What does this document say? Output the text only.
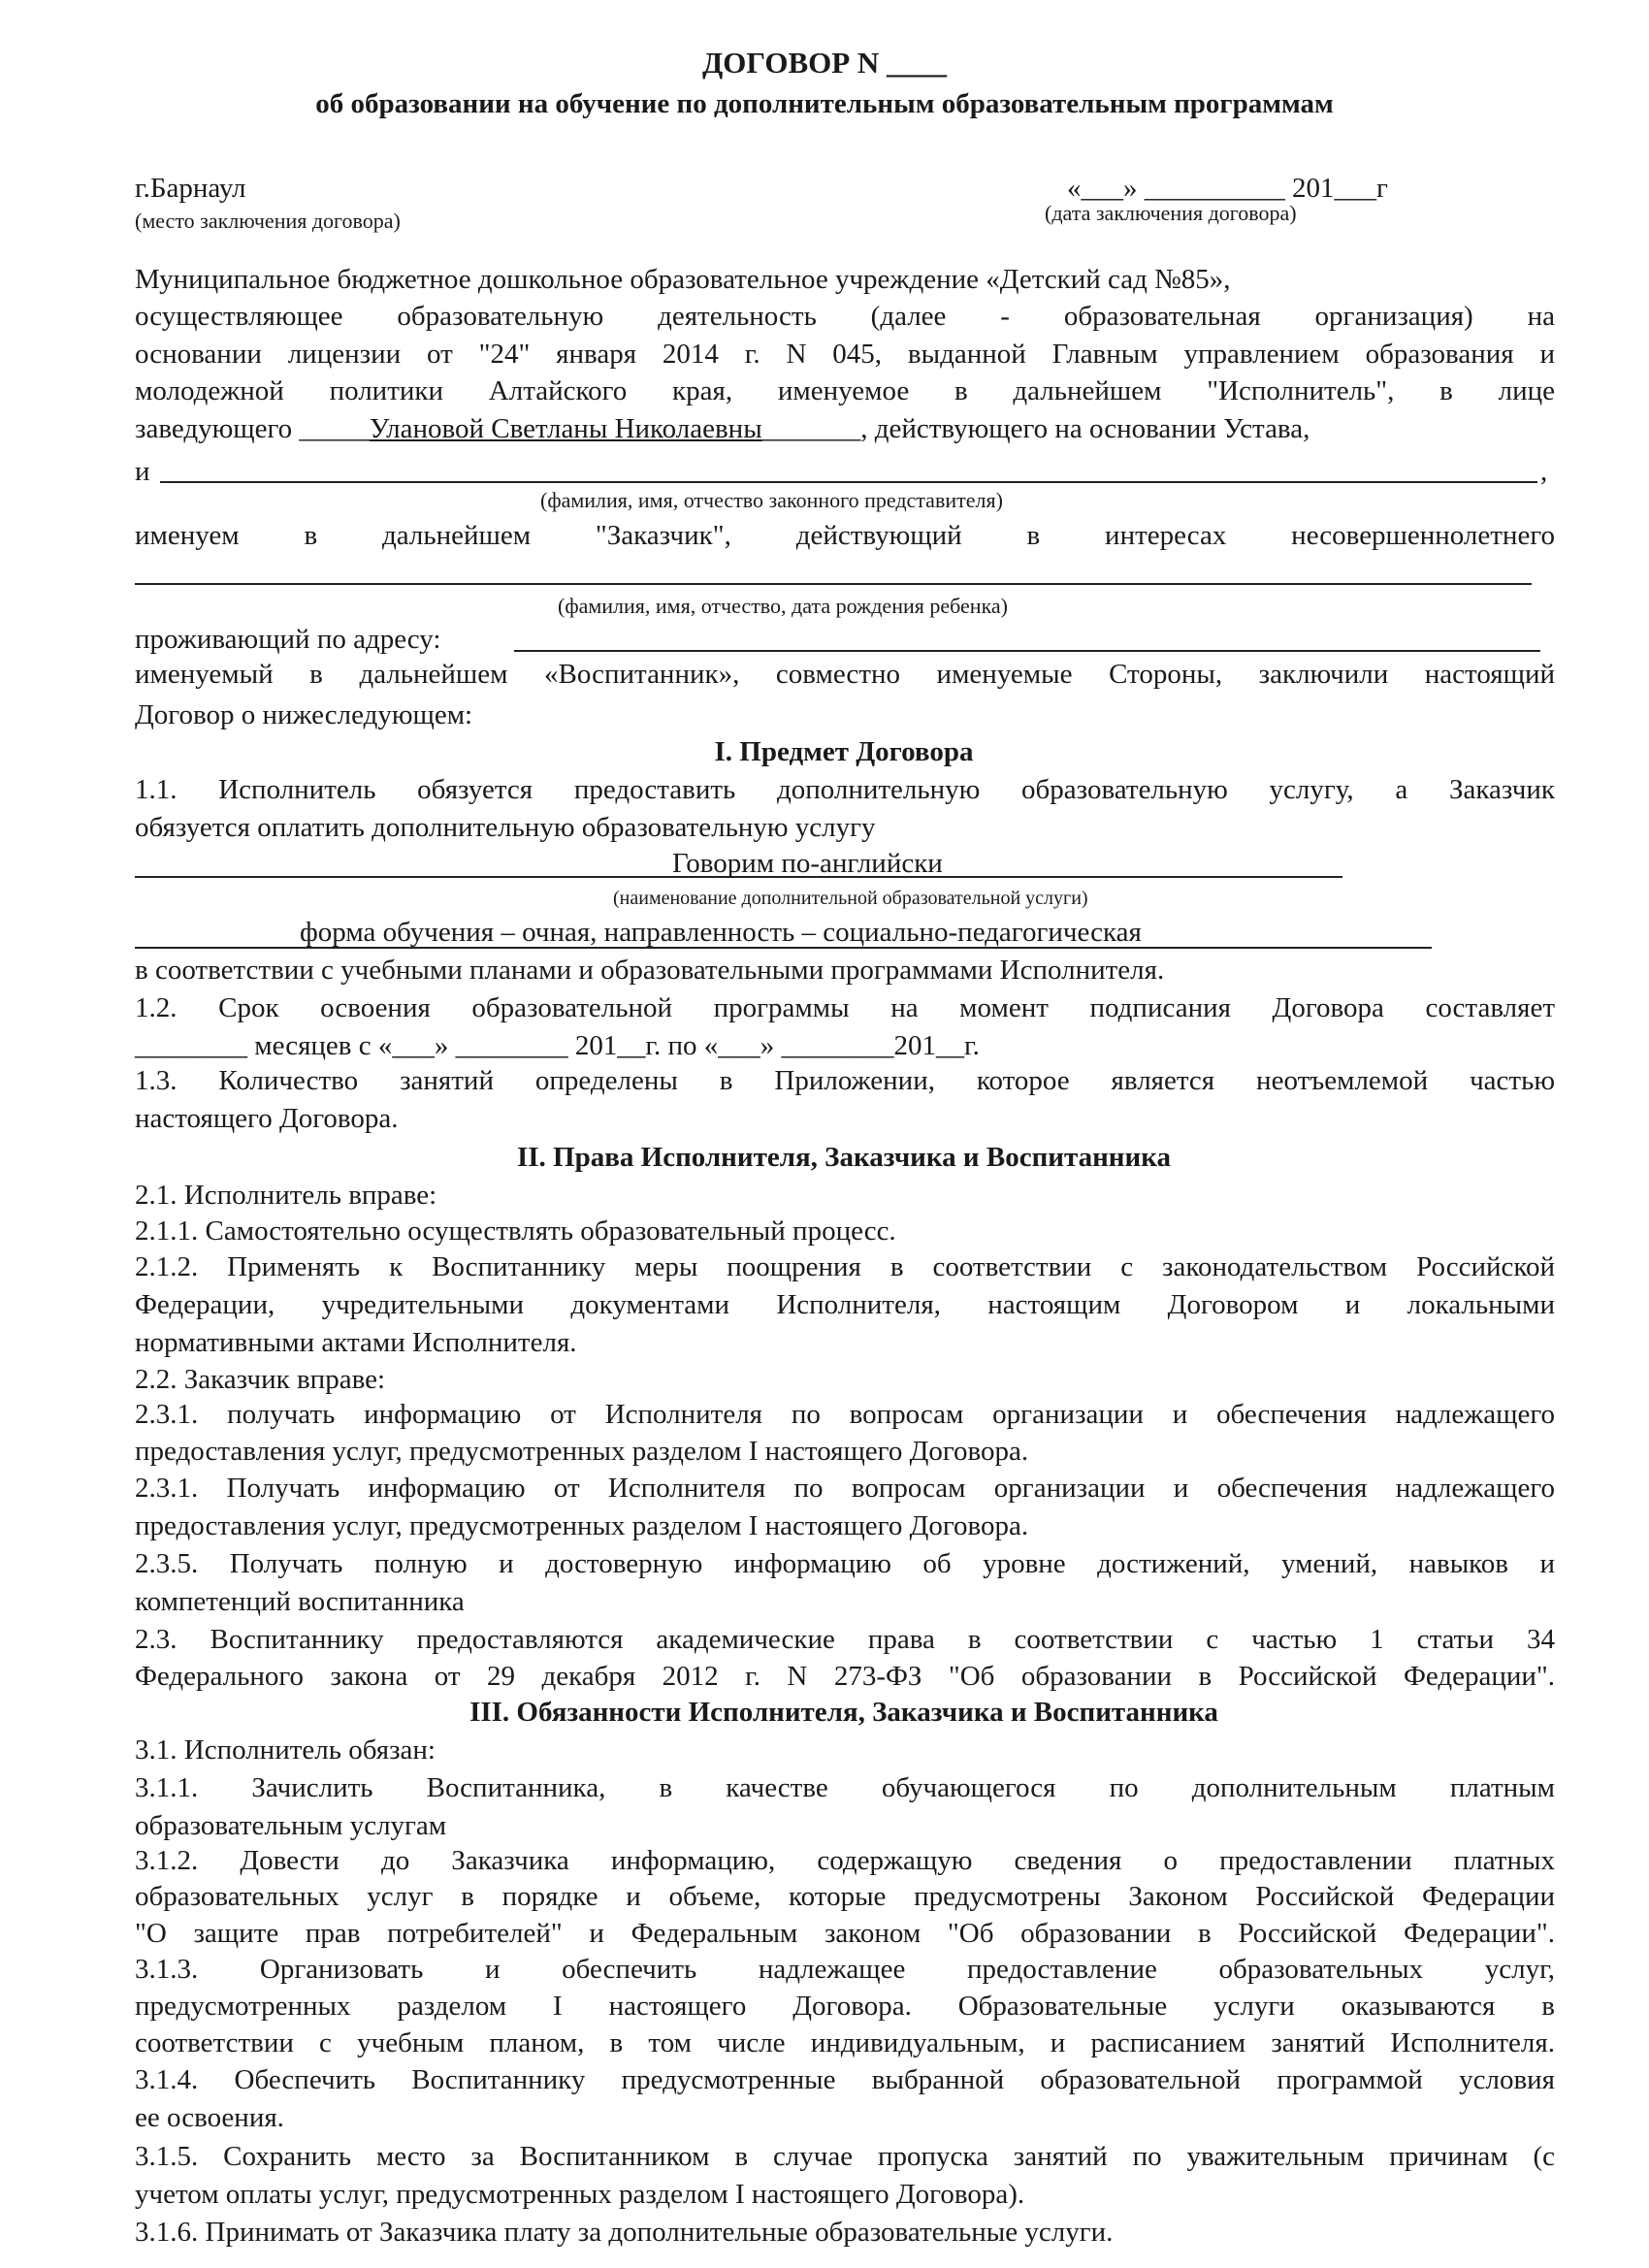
ДОГОВОР N ____
об образовании на обучение по дополнительным образовательным программам
г.Барнаул
(место заключения договора)
«___» __________ 201___г
(дата заключения договора)
Муниципальное бюджетное дошкольное образовательное учреждение «Детский сад №85»,
осуществляющее образовательную деятельность (далее - образовательная организация) на
основании лицензии от "24" января 2014 г. N 045, выданной Главным управлением образования и
молодежной политики Алтайского края, именуемое в дальнейшем "Исполнитель", в лице
заведующего _____Улановой Светланы Николаевны_______, действующего на основании Устава,
и	,
(фамилия, имя, отчество законного представителя)
именуем в дальнейшем "Заказчик", действующий в интересах несовершеннолетнего
(фамилия, имя, отчество, дата рождения ребенка)
проживающий по адресу:
именуемый в дальнейшем «Воспитанник», совместно именуемые Стороны, заключили настоящий
Договор о нижеследующем:
I. Предмет Договора
1.1. Исполнитель обязуется предоставить дополнительную образовательную услугу, а Заказчик
обязуется оплатить дополнительную образовательную услугу
Говорим по-английски
(наименование дополнительной образовательной услуги)
форма обучения – очная, направленность – социально-педагогическая
в соответствии с учебными планами и образовательными программами Исполнителя.
1.2. Срок освоения образовательной программы на момент подписания Договора составляет
________ месяцев с «___» ________ 201__г. по «___» ________201__г.
1.3. Количество занятий определены в Приложении, которое является неотъемлемой частью
настоящего Договора.
II. Права Исполнителя, Заказчика и Воспитанника
2.1. Исполнитель вправе:
2.1.1. Самостоятельно осуществлять образовательный процесс.
2.1.2. Применять к Воспитаннику меры поощрения в соответствии с законодательством Российской
Федерации, учредительными документами Исполнителя, настоящим Договором и локальными
нормативными актами Исполнителя.
2.2. Заказчик вправе:
2.3.1. получать информацию от Исполнителя по вопросам организации и обеспечения надлежащего
предоставления услуг, предусмотренных разделом I настоящего Договора.
2.3.1. Получать информацию от Исполнителя по вопросам организации и обеспечения надлежащего
предоставления услуг, предусмотренных разделом I настоящего Договора.
2.3.5. Получать полную и достоверную информацию об уровне достижений, умений, навыков и
компетенций воспитанника
2.3. Воспитаннику предоставляются академические права в соответствии с частью 1 статьи 34
Федерального закона от 29 декабря 2012 г. N 273-ФЗ "Об образовании в Российской Федерации".
III. Обязанности Исполнителя, Заказчика и Воспитанника
3.1. Исполнитель обязан:
3.1.1. Зачислить Воспитанника, в качестве обучающегося по дополнительным платным
образовательным услугам
3.1.2. Довести до Заказчика информацию, содержащую сведения о предоставлении платных
образовательных услуг в порядке и объеме, которые предусмотрены Законом Российской Федерации
"О защите прав потребителей" и Федеральным законом "Об образовании в Российской Федерации".
3.1.3. Организовать и обеспечить надлежащее предоставление образовательных услуг,
предусмотренных разделом I настоящего Договора. Образовательные услуги оказываются в
соответствии с учебным планом, в том числе индивидуальным, и расписанием занятий Исполнителя.
3.1.4. Обеспечить Воспитаннику предусмотренные выбранной образовательной программой условия
ее освоения.
3.1.5. Сохранить место за Воспитанником в случае пропуска занятий по уважительным причинам (с
учетом оплаты услуг, предусмотренных разделом I настоящего Договора).
3.1.6. Принимать от Заказчика плату за дополнительные образовательные услуги.
